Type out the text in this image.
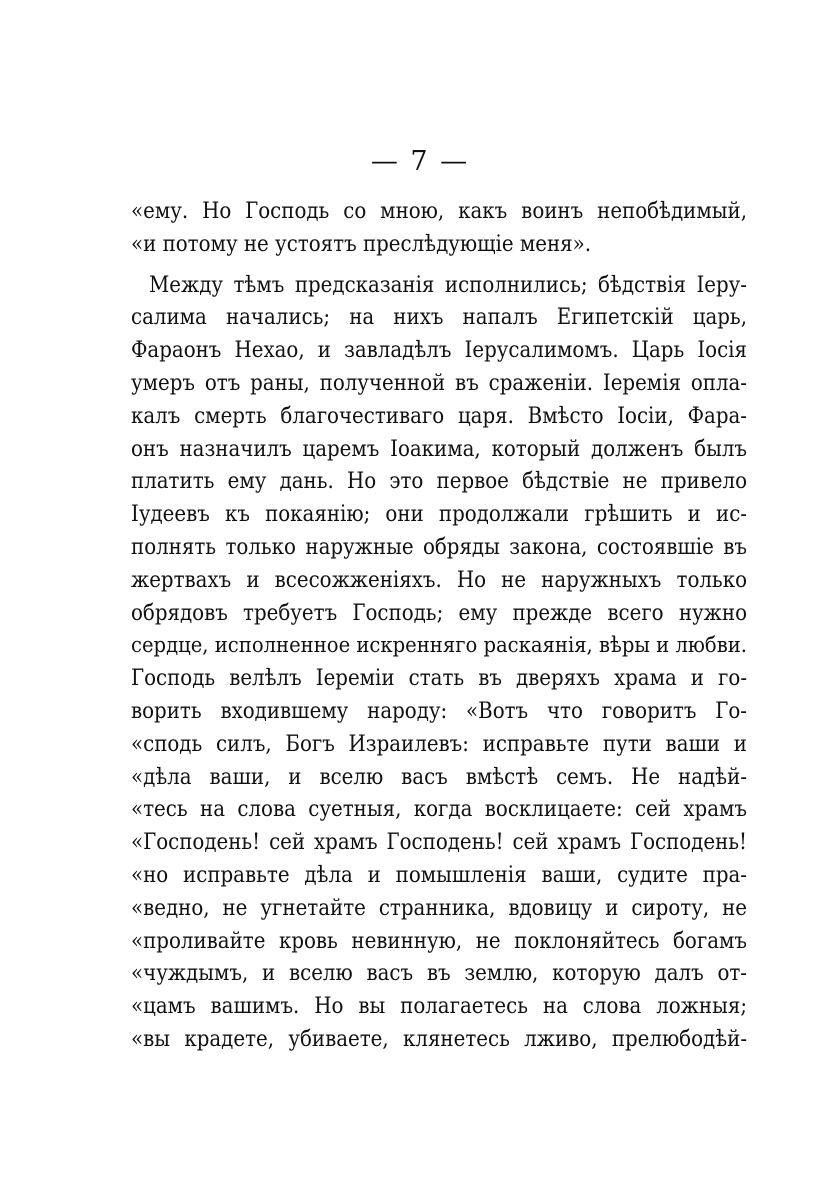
— 7 —
«ему. Но Господь со мною, какъ воинъ непобѣдимый,
«и потому не устоятъ преслѣдующіе меня».
Между тѣмъ предсказанія исполнились; бѣдствія Іеру-
салима начались; на нихъ напалъ Египетскій царь,
Фараонъ Нехао, и завладѣлъ Іерусалимомъ. Царь Іосія
умеръ отъ раны, полученной въ сраженіи. Іеремія опла-
калъ смерть благочестиваго царя. Вмѣсто Іосіи, Фара-
онъ назначилъ царемъ Іоакима, который долженъ былъ
платить ему дань. Но это первое бѣдствіе не привело
Іудеевъ къ покаянію; они продолжали грѣшить и ис-
полнять только наружные обряды закона, состоявшіе въ
жертвахъ и всесожженіяхъ. Но не наружныхъ только
обрядовъ требуетъ Господь; ему прежде всего нужно
сердце, исполненное искренняго раскаянія, вѣры и любви.
Господь велѣлъ Іереміи стать въ дверяхъ храма и го-
ворить входившему народу: «Вотъ что говоритъ Го-
«сподь силъ, Богъ Израилевъ: исправьте пути ваши и
«дѣла ваши, и вселю васъ вмѣстѣ семъ. Не надѣй-
«тесь на слова суетныя, когда восклицаете: сей храмъ
«Господень! сей храмъ Господень! сей храмъ Господень!
«но исправьте дѣла и помышленія ваши, судите пра-
«ведно, не угнетайте странника, вдовицу и сироту, не
«проливайте кровь невинную, не поклоняйтесь богамъ
«чуждымъ, и вселю васъ въ землю, которую далъ от-
«цамъ вашимъ. Но вы полагаетесь на слова ложныя;
«вы крадете, убиваете, клянетесь лживо, прелюбодѣй-
